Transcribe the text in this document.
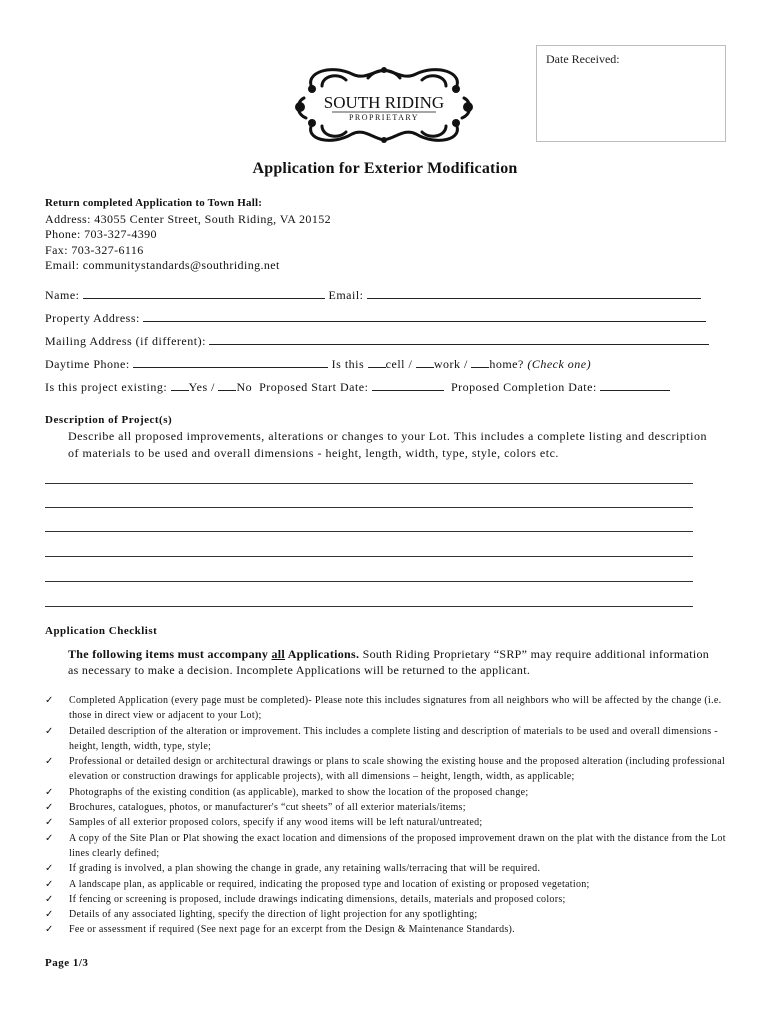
Date Received:
SOUTH RIDING
PROPRIETARY
Application for Exterior Modification
Return completed Application to Town Hall:
Address: 43055 Center Street, South Riding, VA 20152
Phone: 703-327-4390
Fax: 703-327-6116
Email: communitystandards@southriding.net
Name:	Email:
Property Address:
Mailing Address (if different):
Daytime Phone:	Is this cell / work / home? (Check one)
Is this project existing: Yes / No Proposed Start Date:	Proposed Completion Date:
Description of Project(s)
Describe all proposed improvements, alterations or changes to your Lot. This includes a complete listing and description of materials to be used and overall dimensions - height, length, width, type, style, colors etc.
Application Checklist
The following items must accompany all Applications. South Riding Proprietary “SRP” may require additional information as necessary to make a decision. Incomplete Applications will be returned to the applicant.
✓ Completed Application (every page must be completed)- Please note this includes signatures from all neighbors who will be affected by the change (i.e. those in direct view or adjacent to your Lot);
✓ Detailed description of the alteration or improvement. This includes a complete listing and description of materials to be used and overall dimensions - height, length, width, type, style;
✓ Professional or detailed design or architectural drawings or plans to scale showing the existing house and the proposed alteration (including professional elevation or construction drawings for applicable projects), with all dimensions – height, length, width, as applicable;
✓ Photographs of the existing condition (as applicable), marked to show the location of the proposed change;
✓ Brochures, catalogues, photos, or manufacturer's “cut sheets” of all exterior materials/items;
✓ Samples of all exterior proposed colors, specify if any wood items will be left natural/untreated;
✓ A copy of the Site Plan or Plat showing the exact location and dimensions of the proposed improvement drawn on the plat with the distance from the Lot lines clearly defined;
✓ If grading is involved, a plan showing the change in grade, any retaining walls/terracing that will be required.
✓ A landscape plan, as applicable or required, indicating the proposed type and location of existing or proposed vegetation;
✓ If fencing or screening is proposed, include drawings indicating dimensions, details, materials and proposed colors;
✓ Details of any associated lighting, specify the direction of light projection for any spotlighting;
✓ Fee or assessment if required (See next page for an excerpt from the Design & Maintenance Standards).
Page 1/3
